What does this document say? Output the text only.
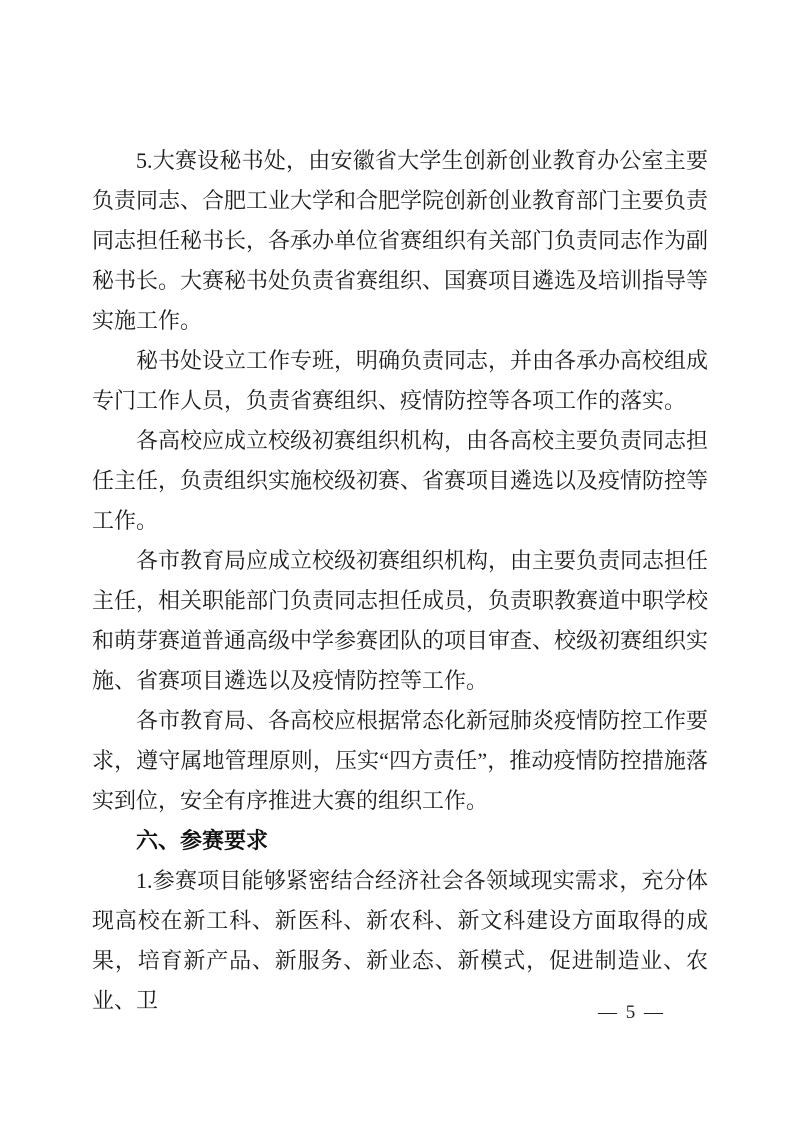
5.大赛设秘书处，由安徽省大学生创新创业教育办公室主要负责同志、合肥工业大学和合肥学院创新创业教育部门主要负责同志担任秘书长，各承办单位省赛组织有关部门负责同志作为副秘书长。大赛秘书处负责省赛组织、国赛项目遴选及培训指导等实施工作。

秘书处设立工作专班，明确负责同志，并由各承办高校组成专门工作人员，负责省赛组织、疫情防控等各项工作的落实。

各高校应成立校级初赛组织机构，由各高校主要负责同志担任主任，负责组织实施校级初赛、省赛项目遴选以及疫情防控等工作。

各市教育局应成立校级初赛组织机构，由主要负责同志担任主任，相关职能部门负责同志担任成员，负责职教赛道中职学校和萌芽赛道普通高级中学参赛团队的项目审查、校级初赛组织实施、省赛项目遴选以及疫情防控等工作。

各市教育局、各高校应根据常态化新冠肺炎疫情防控工作要求，遵守属地管理原则，压实“四方责任”，推动疫情防控措施落实到位，安全有序推进大赛的组织工作。

六、参赛要求

1.参赛项目能够紧密结合经济社会各领域现实需求，充分体现高校在新工科、新医科、新农科、新文科建设方面取得的成果，培育新产品、新服务、新业态、新模式，促进制造业、农业、卫	— 5 —
